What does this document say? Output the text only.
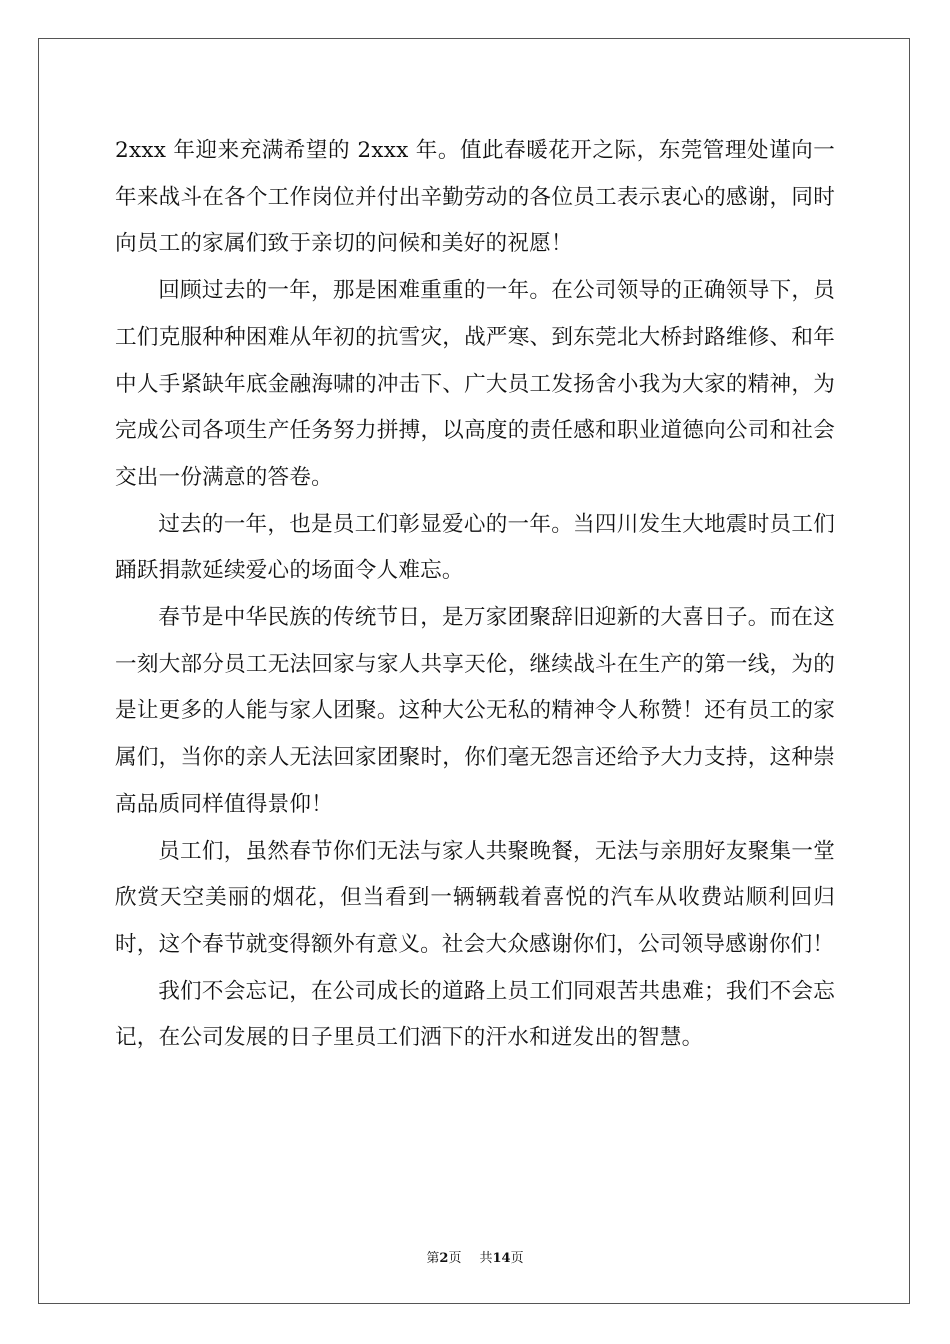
2xxx 年迎来充满希望的 2xxx 年。值此春暖花开之际，东莞管理处谨向一年来战斗在各个工作岗位并付出辛勤劳动的各位员工表示衷心的感谢，同时向员工的家属们致于亲切的问候和美好的祝愿！

回顾过去的一年，那是困难重重的一年。在公司领导的正确领导下，员工们克服种种困难从年初的抗雪灾，战严寒、到东莞北大桥封路维修、和年中人手紧缺年底金融海啸的冲击下、广大员工发扬舍小我为大家的精神，为完成公司各项生产任务努力拼搏，以高度的责任感和职业道德向公司和社会交出一份满意的答卷。

过去的一年，也是员工们彰显爱心的一年。当四川发生大地震时员工们踊跃捐款延续爱心的场面令人难忘。

春节是中华民族的传统节日，是万家团聚辞旧迎新的大喜日子。而在这一刻大部分员工无法回家与家人共享天伦，继续战斗在生产的第一线，为的是让更多的人能与家人团聚。这种大公无私的精神令人称赞！还有员工的家属们，当你的亲人无法回家团聚时，你们毫无怨言还给予大力支持，这种崇高品质同样值得景仰！

员工们，虽然春节你们无法与家人共聚晚餐，无法与亲朋好友聚集一堂欣赏天空美丽的烟花，但当看到一辆辆载着喜悦的汽车从收费站顺利回归时，这个春节就变得额外有意义。社会大众感谢你们，公司领导感谢你们！

我们不会忘记，在公司成长的道路上员工们同艰苦共患难；我们不会忘记，在公司发展的日子里员工们洒下的汗水和迸发出的智慧。

第2页 共14页
